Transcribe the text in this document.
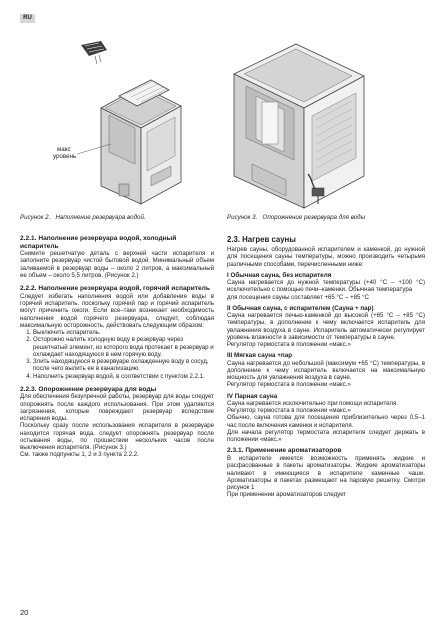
RU
макс
уровень
Рисунок 2. Наполнение резервуара водой.	Рисунок 3. Опорожнение резервуара для воды
2.2.1. Наполнение резервуара водой, холодный испаритель

Снимите решетчатую деталь с верхней части испарителя и заполните резервуар чистой бытовой водой. Минимальный объем заливаемой в резервуар воды – около 2 литров, а максимальный ее объем – около 5,5 литров. (Рисунок 2.)

2.2.2. Наполнение резервуара водой, горячий испаритель

Следует избегать наполнения водой или добавления воды в горячий испаритель, поскольку горячий пар и горячий испаритель могут причинить ожоги. Если все–таки возникает необходимость наполнения водой горячего резервуара, следует, соблюдая максимальную осторожность, действовать следующим образом:

1. Выключить испаритель.
2. Осторожно налить холодную воду в резервуар через решетчатый элемент, из которого вода протекает в резервуар и охлаждает находящуюся в нем горячую воду.
3. Злить находящуюся в резервуаре охлажденную воду в сосуд, после чего вылить ее в канализацию.
4. Наполнить резервуар водой, в соответствии с пунктом 2.2.1.
2.2.3. Опорожнение резервуара для воды

Для обеспечения безупречной работы, резервуар для воды следует опорожнять после каждого использования. При этом удаляются загрязнения, которые повреждают резервуар вследствие испарения воды.

Поскольку сразу после использования испарителя в резервуаре находится горячая вода, следует опорожнять резервуар после остывания воды, по прошествии нескольких часов после выключения испарителя. (Рисунок 3.)

См. также подпункты 1, 2 и 3 пункта 2.2.2.

2.3. Нагрев сауны

Нагрев сауны, оборудованной испарителем и каменкой, до нужной для посещения сауны температуры, можно производить четырьмя различными способами, перечисленными ниже:

I Обычная сауна, без испарителя

Сауна нагревается до нужной температуры (+40 °C – +100 °C) исключительно с помощью печи–каменки. Обычная температура

для посещения сауны составляет +65 °C – +85 °C

II Обычная сауна, с испарителем (Сауна + пар)

Сауна нагревается печью-каменкой до высокой (+65 °C – +85 °C) температуры, в дополнение к чему включается испаритель для увлажнения воздуха в сауне. Испаритель автоматически регулирует уровень влажности в зависимости от температуры в сауне.

Регулятор термостата в положении «макс.»

III Мягкая сауна +пар

Сауна нагревается до небольшой (максимум +65 °C) температуры, в дополнение к чему испаритель включается на максимальную мощность для увлажнения воздуха в сауне.

Регулятор термостата в положении «макс.»

IV Парная сауна

Сауна нагревается исключительно при помощи испарителя.

Регулятор термостата в положении «макс.»

Обычно, сауна готова для посещения приблизительно через 0,5–1 час после включения каменки и испарителя.

Для начала регулятор термостата испарителя следует держать в положении «макс.»

2.3.1. Применение ароматизаторов

В испарителе имеется возможность применять жидкие и расфасованные в пакеты ароматизаторы. Жидкие ароматизаторы наливают в имеющиеся в испарителе каменные чаши. Ароматизаторы в пакетах размещают на паровую решетку. Смотри рисунок 1

При применении ароматизаторов следует

20
